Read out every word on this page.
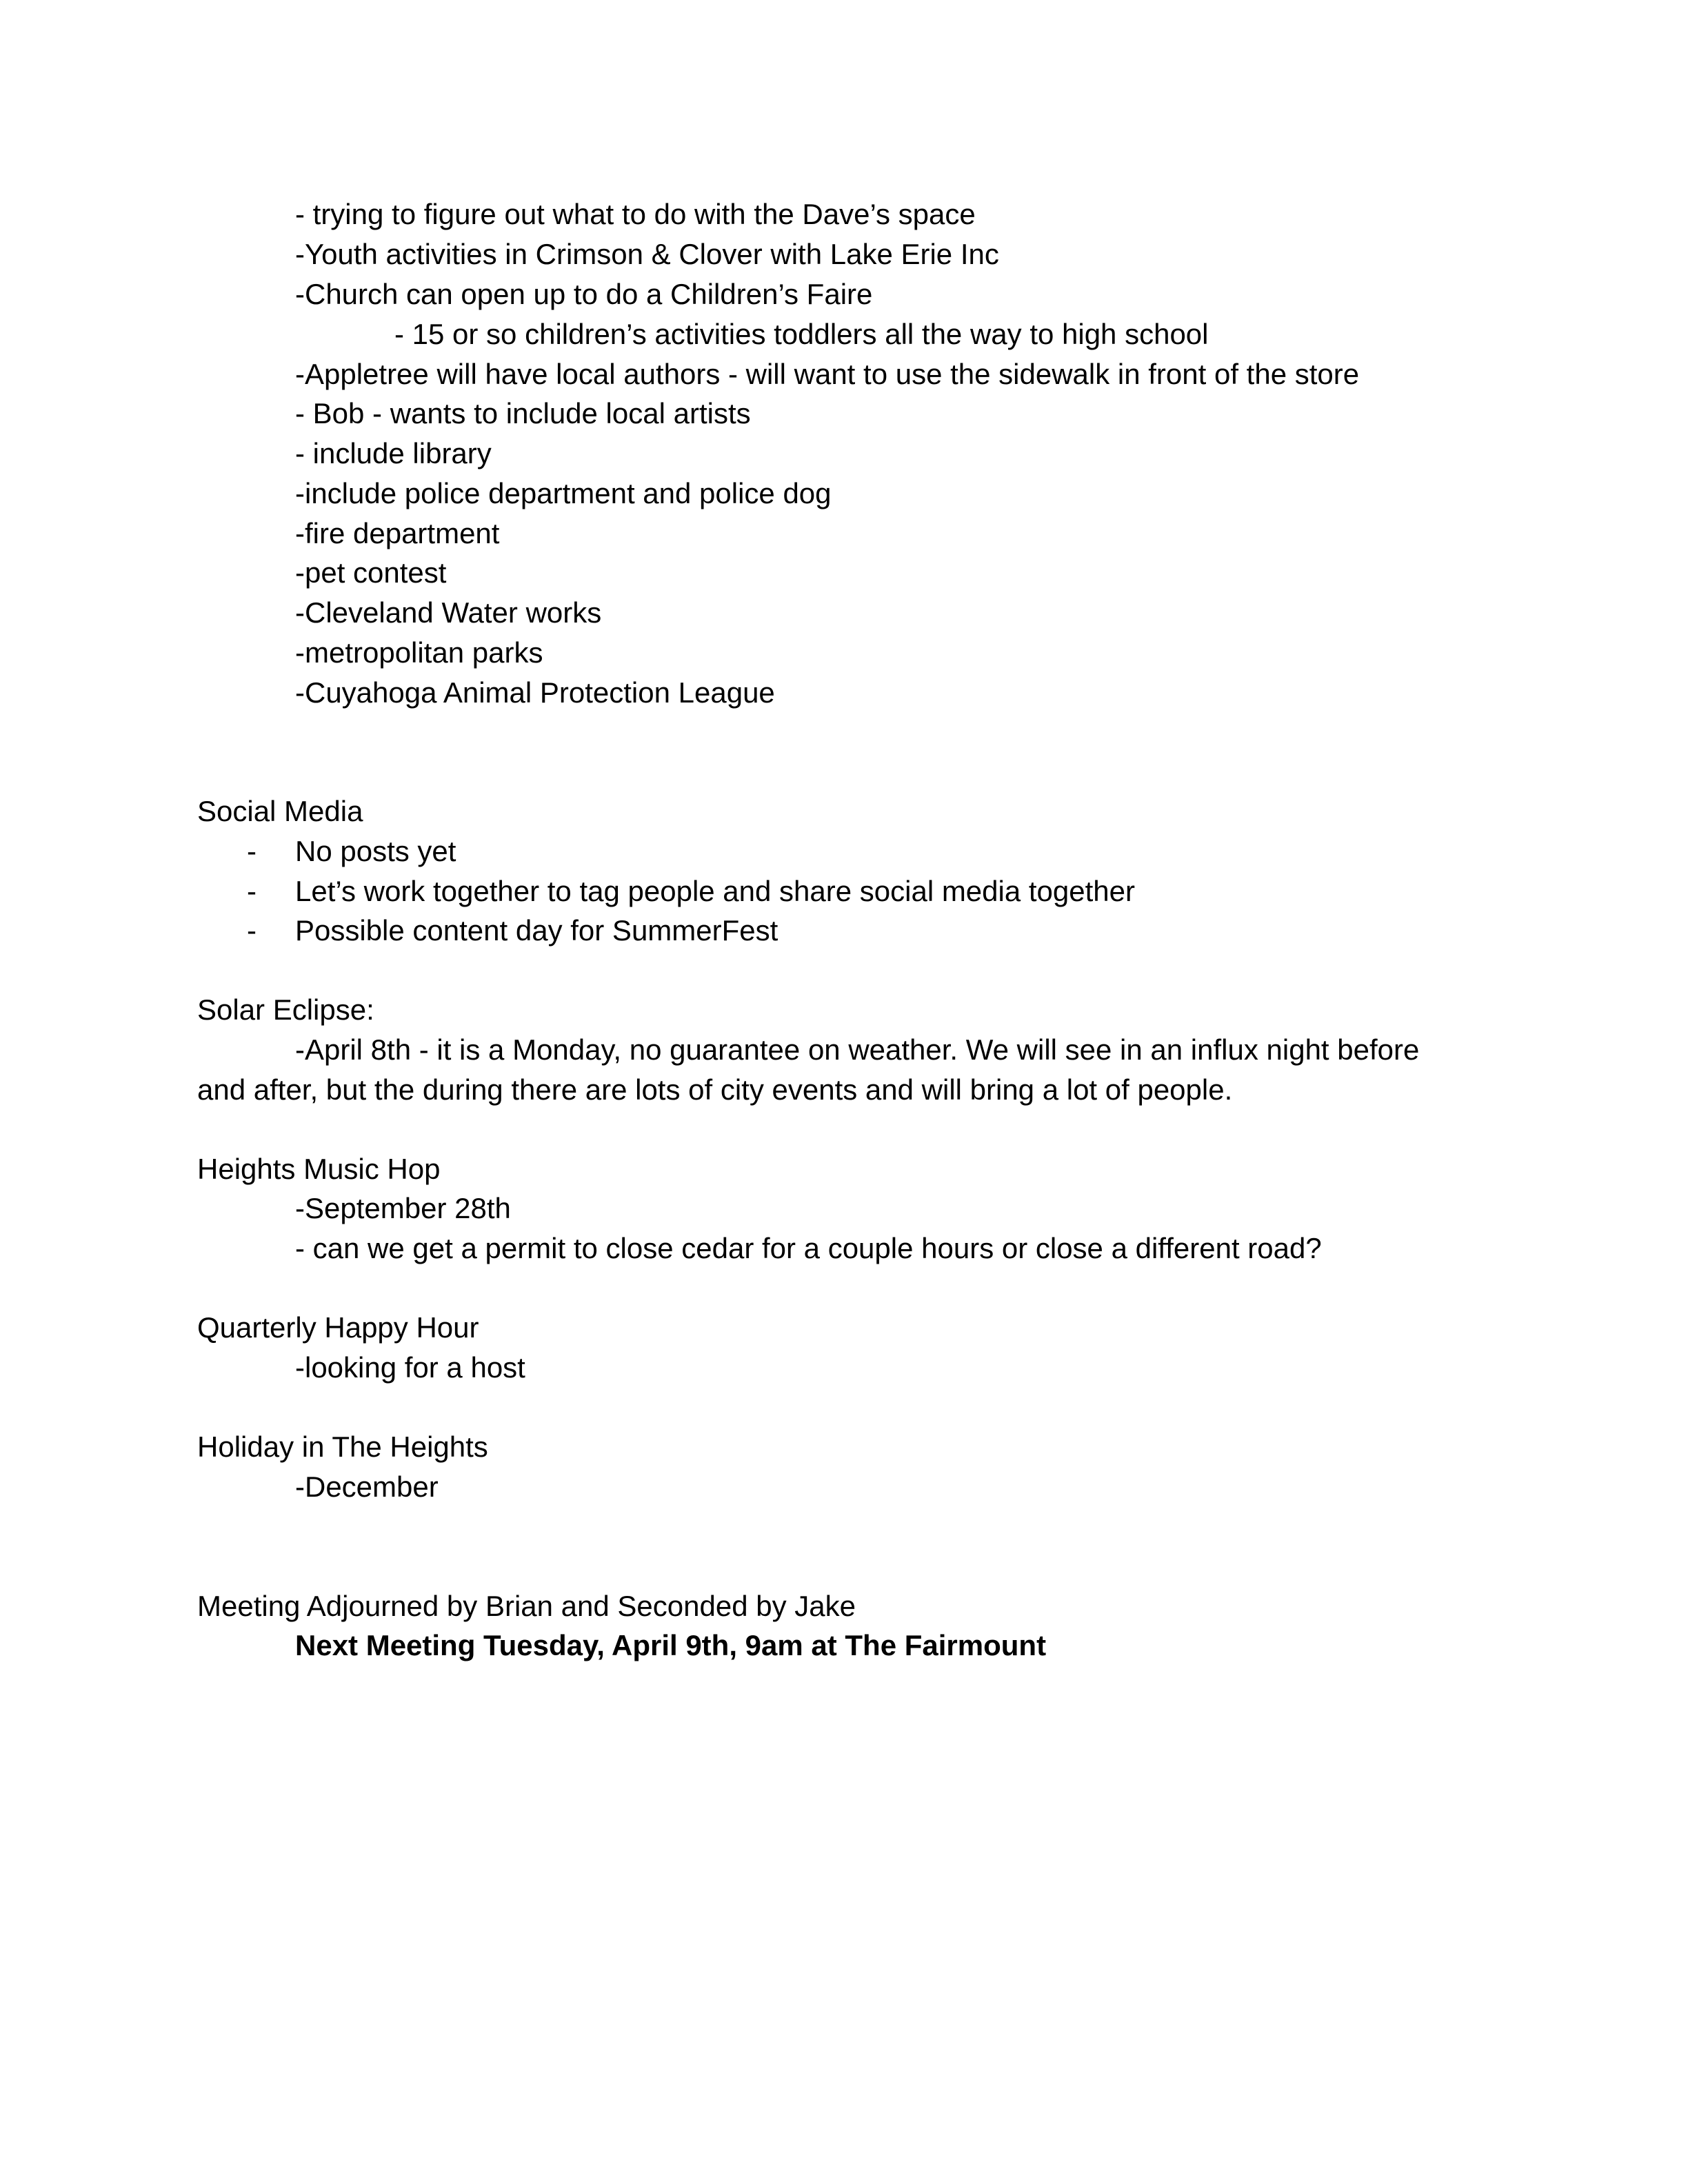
- trying to figure out what to do with the Dave’s space
-Youth activities in Crimson & Clover with Lake Erie Inc
-Church can open up to do a Children’s Faire
- 15 or so children’s activities toddlers all the way to high school
-Appletree will have local authors - will want to use the sidewalk in front of the store
- Bob - wants to include local artists
- include library
-include police department and police dog
-fire department
-pet contest
-Cleveland Water works
-metropolitan parks
-Cuyahoga Animal Protection League
Social Media
- No posts yet
- Let’s work together to tag people and share social media together
- Possible content day for SummerFest
Solar Eclipse:
-April 8th - it is a Monday, no guarantee on weather. We will see in an influx night before
and after, but the during there are lots of city events and will bring a lot of people.
Heights Music Hop
-September 28th
- can we get a permit to close cedar for a couple hours or close a different road?
Quarterly Happy Hour
-looking for a host
Holiday in The Heights
-December
Meeting Adjourned by Brian and Seconded by Jake
Next Meeting Tuesday, April 9th, 9am at The Fairmount
